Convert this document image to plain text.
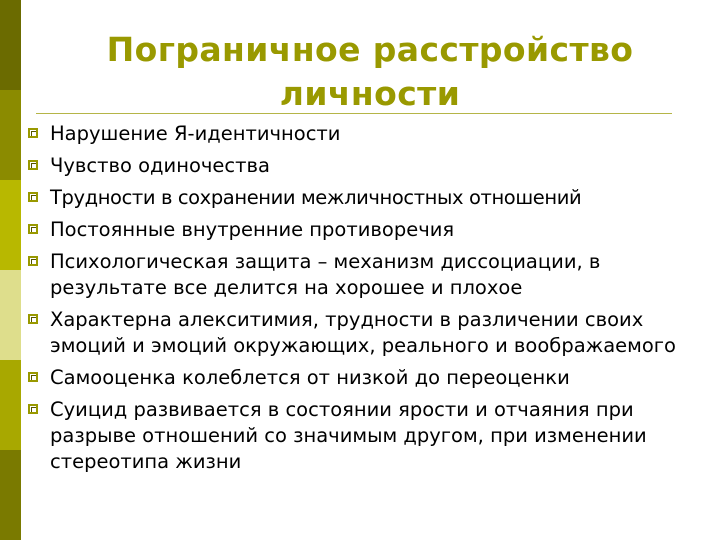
Пограничное расстройство
личности
Нарушение Я-идентичности
Чувство одиночества
Трудности в сохранении межличностных отношений
Постоянные внутренние противоречия
Психологическая защита – механизм диссоциации, в результате все делится на хорошее и плохое
Характерна алекситимия, трудности в различении своих эмоций и эмоций окружающих, реального и воображаемого
Самооценка колеблется от низкой до переоценки
Суицид развивается в состоянии ярости и отчаяния при разрыве отношений со значимым другом, при изменении стереотипа жизни
